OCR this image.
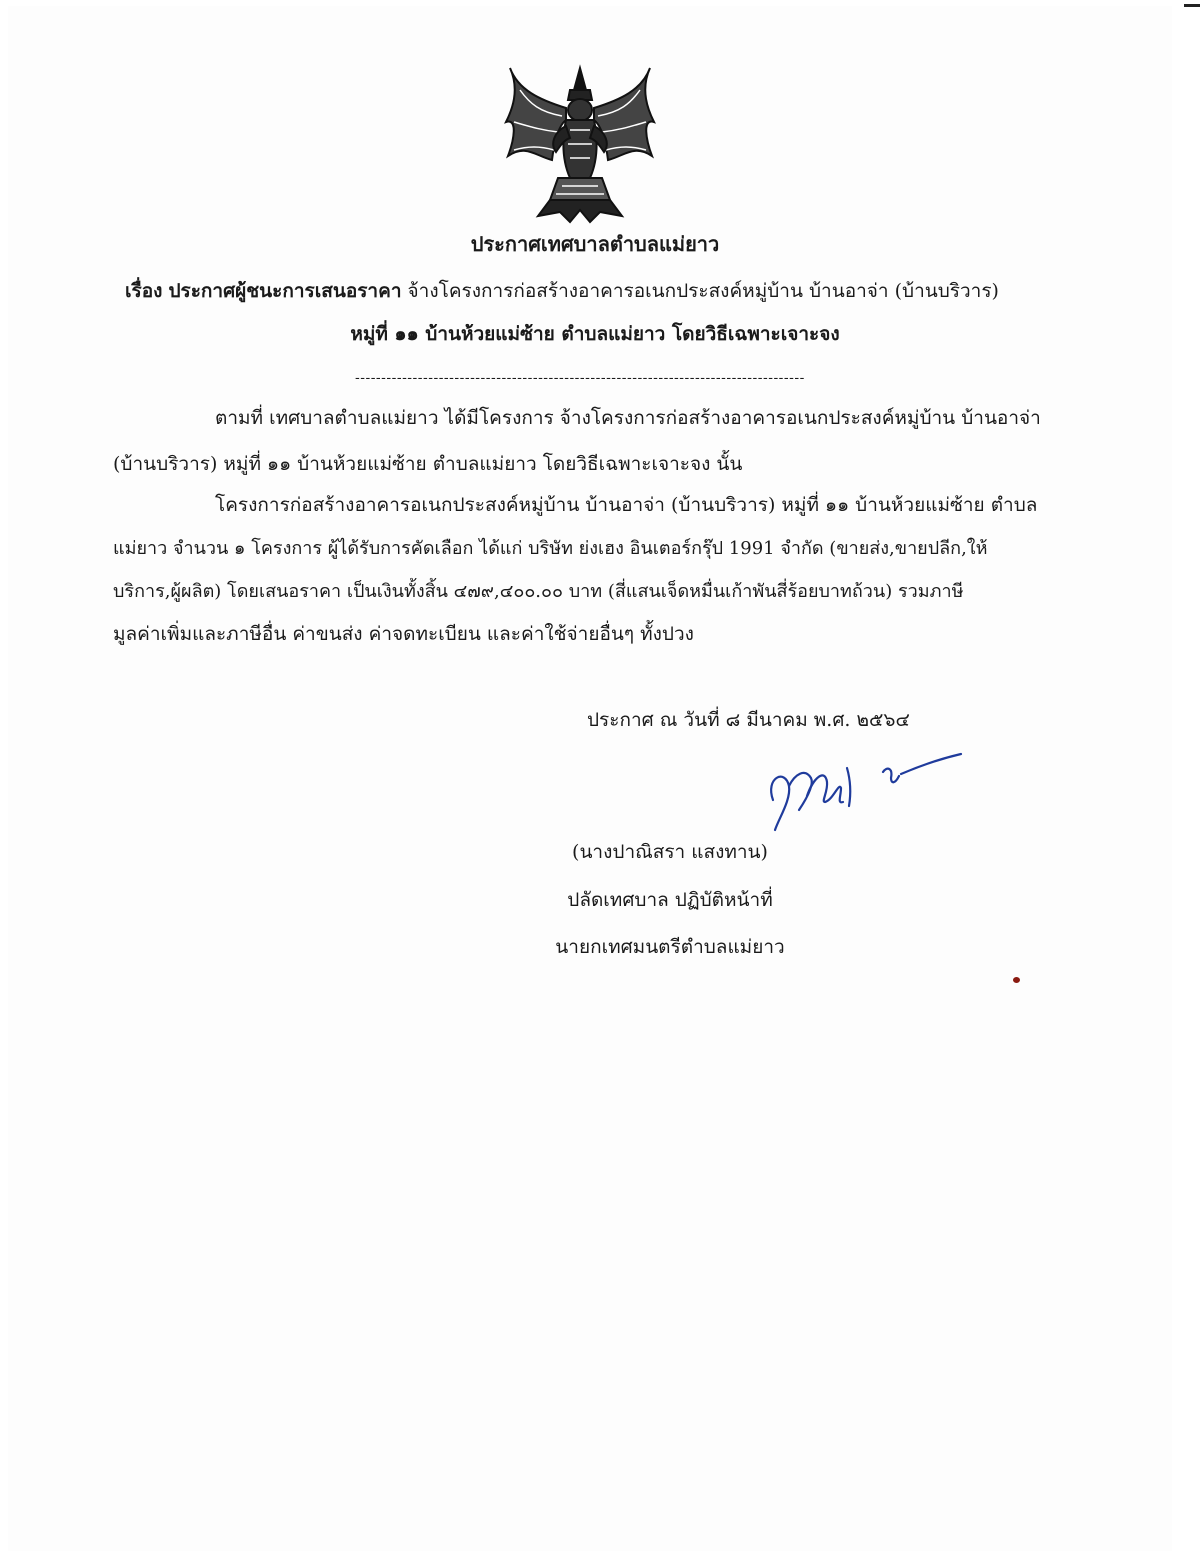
ประกาศเทศบาลตำบลแม่ยาว
เรื่อง ประกาศผู้ชนะการเสนอราคา จ้างโครงการก่อสร้างอาคารอเนกประสงค์หมู่บ้าน บ้านอาจ่า (บ้านบริวาร)
หมู่ที่ ๑๑ บ้านห้วยแม่ซ้าย ตำบลแม่ยาว โดยวิธีเฉพาะเจาะจง
--------------------------------------------------------------------------------------
ตามที่ เทศบาลตำบลแม่ยาว ได้มีโครงการ จ้างโครงการก่อสร้างอาคารอเนกประสงค์หมู่บ้าน บ้านอาจ่า
(บ้านบริวาร) หมู่ที่ ๑๑ บ้านห้วยแม่ซ้าย ตำบลแม่ยาว โดยวิธีเฉพาะเจาะจง นั้น
โครงการก่อสร้างอาคารอเนกประสงค์หมู่บ้าน บ้านอาจ่า (บ้านบริวาร) หมู่ที่ ๑๑ บ้านห้วยแม่ซ้าย ตำบล
แม่ยาว จำนวน ๑ โครงการ ผู้ได้รับการคัดเลือก ได้แก่ บริษัท ย่งเฮง อินเตอร์กรุ๊ป 1991 จำกัด (ขายส่ง,ขายปลีก,ให้
บริการ,ผู้ผลิต) โดยเสนอราคา เป็นเงินทั้งสิ้น ๔๗๙,๔๐๐.๐๐ บาท (สี่แสนเจ็ดหมื่นเก้าพันสี่ร้อยบาทถ้วน) รวมภาษี
มูลค่าเพิ่มและภาษีอื่น ค่าขนส่ง ค่าจดทะเบียน และค่าใช้จ่ายอื่นๆ ทั้งปวง
ประกาศ ณ วันที่ ๘ มีนาคม พ.ศ. ๒๕๖๔
(นางปาณิสรา แสงทาน)
ปลัดเทศบาล ปฏิบัติหน้าที่
นายกเทศมนตรีตำบลแม่ยาว
